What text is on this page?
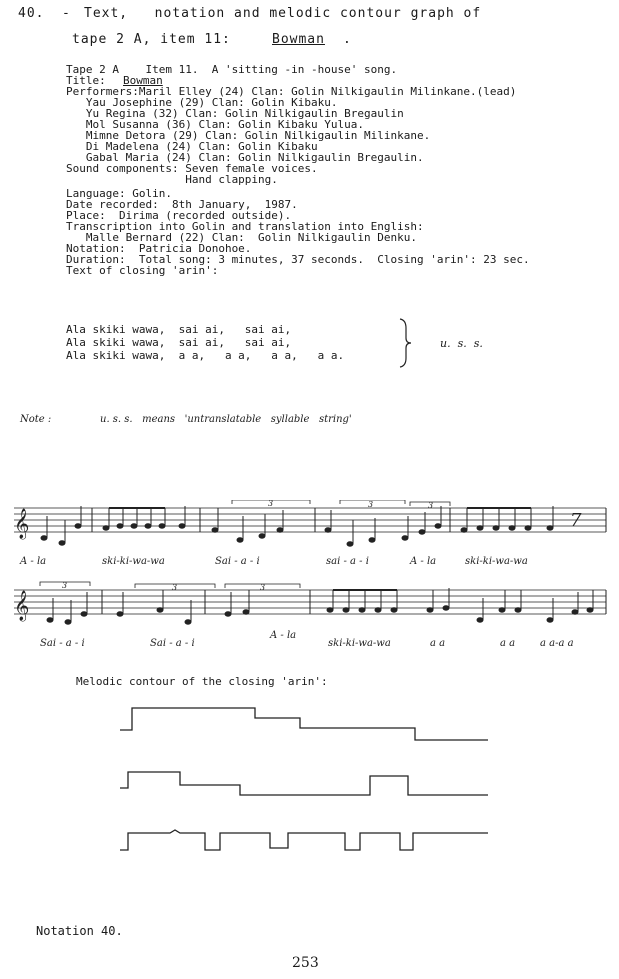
40. - Text,   notation and melodic contour graph of
tape 2 A, item 11:	Bowman .
Tape 2 A    Item 11.  A 'sitting -in -house' song.
Title: Bowman
Performers:Maril Elley (24) Clan: Golin Nilkigaulin Milinkane.(lead)
Yau Josephine (29) Clan: Golin Kibaku.
Yu Regina (32) Clan: Golin Nilkigaulin Bregaulin
Mol Susanna (36) Clan: Golin Kibaku Yulua.
Mimne Detora (29) Clan: Golin Nilkigaulin Milinkane.
Di Madelena (24) Clan: Golin Kibaku
Gabal Maria (24) Clan: Golin Nilkigaulin Bregaulin.
Sound components: Seven female voices.
Hand clapping.
Language: Golin.
Date recorded:  8th January,  1987.
Place:  Dirima (recorded outside).
Transcription into Golin and translation into English:
Malle Bernard (22) Clan:  Golin Nilkigaulin Denku.
Notation:  Patricia Donohoe.
Duration:  Total song: 3 minutes, 37 seconds.  Closing 'arin': 23 sec.
Text of closing 'arin':
Ala skiki wawa,  sai ai,   sai ai,
Ala skiki wawa,  sai ai,   sai ai,
Ala skiki wawa,  a a,   a a,   a a,   a a.
u.  s.  s.
Note :	u. s. s.   means   'untranslatable   syllable   string'
𝄞
3	3	3
7
A - la	ski-ki-wa-wa	Sai - a - i	sai - a - i	A - la	ski-ki-wa-wa
𝄞
3	3	3
Sai - a - i	Sai - a - i
A - la
ski-ki-wa-wa	a a	a a a a-a a
Melodic contour of the closing 'arin':
Notation 40.
253
